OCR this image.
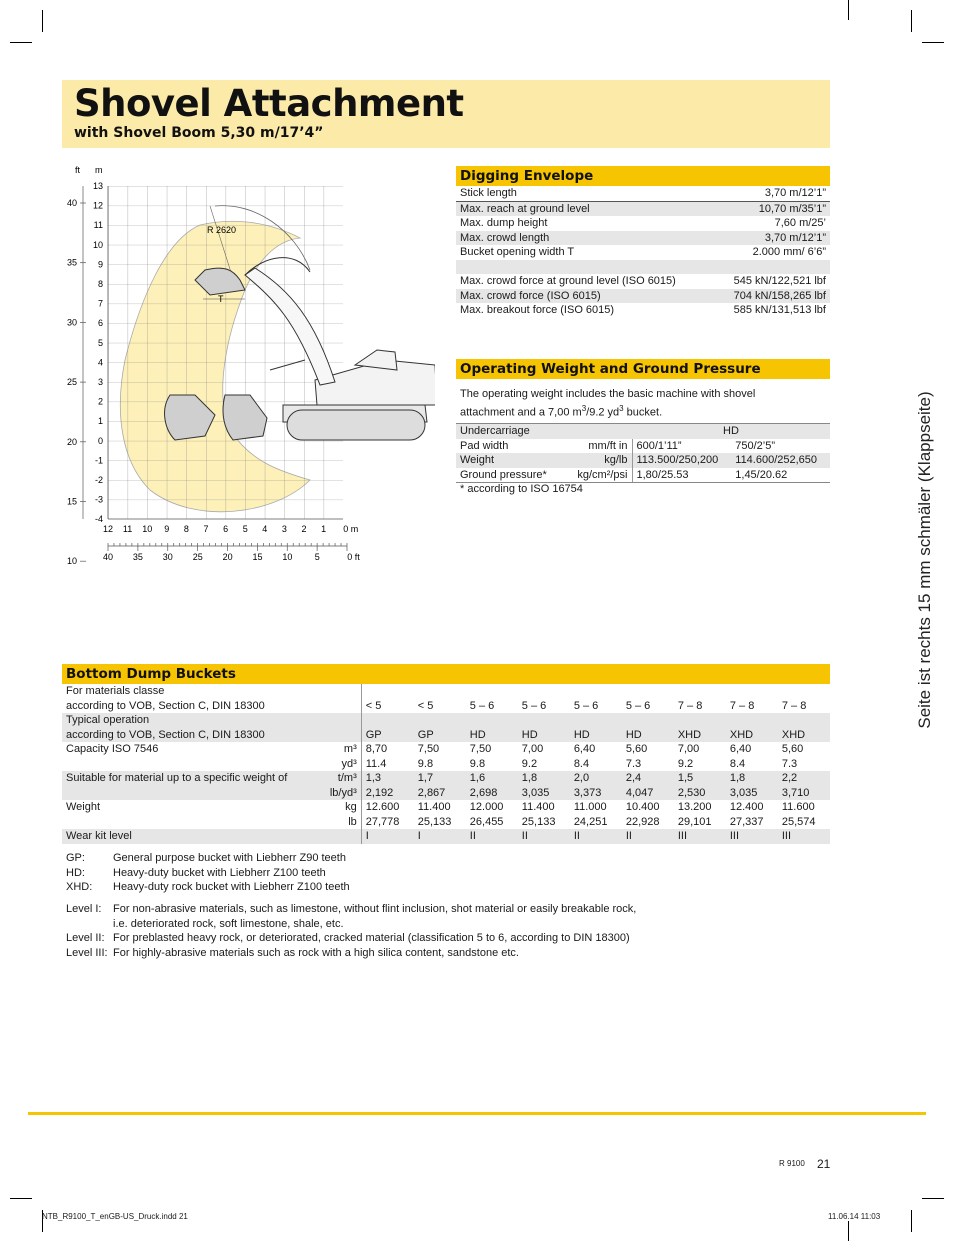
Shovel Attachment
with Shovel Boom 5,30 m/17’4”
R 2620
T
13
12
11
10
9
8
7
6
5
4
3
2
1
0
-1
-2
-3
-4
40
35
30
25
20
15
10
12 11 10 9 8 7 6 5 4 3 2 1 0 m
40 35 30 25 20 15 10 5	0 ft
ft m	Digging Envelope
Stick length	3,70 m/12’1”
Max. reach at ground level	10,70 m/35’1”
Max. dump height	7,60 m/25’
Max. crowd length	3,70 m/12’1”
Bucket opening width T	2.000 mm/ 6’6”

Max. crowd force at ground level (ISO 6015)	545 kN/122,521 lbf
Max. crowd force (ISO 6015)	704 kN/158,265 lbf
Max. breakout force (ISO 6015)	585 kN/131,513 lbf
Operating Weight and Ground Pressure
The operating weight includes the basic machine with shovel
attachment and a 7,00 $m^3/9.2$ $yd^3$ bucket.
Undercarriage		HD	
Pad width	mm/ft in	600/1’11”	750/2’5”
Weight	kg/lb	113.500/250,200	114.600/252,650
Ground pressure*	kg/cm²/psi	1,80/25.53	1,45/20.62
* according to ISO 16754	Seite ist rechts 15 mm schmäler (Klappseite)
Bottom Dump Buckets
For materials classe										
according to VOB, Section C, DIN 18300		< 5	< 5	5 – 6	5 – 6	5 – 6	5 – 6	7 – 8	7 – 8	7 – 8
Typical operation										
according to VOB, Section C, DIN 18300		GP	GP	HD	HD	HD	HD	XHD	XHD	XHD
Capacity ISO 7546	m³	8,70	7,50	7,50	7,00	6,40	5,60	7,00	6,40	5,60
	yd³	11.4	9.8	9.8	9.2	8.4	7.3	9.2	8.4	7.3
Suitable for material up to a specific weight of	t/m³	1,3	1,7	1,6	1,8	2,0	2,4	1,5	1,8	2,2
	lb/yd³	2,192	2,867	2,698	3,035	3,373	4,047	2,530	3,035	3,710
Weight	kg	12.600	11.400	12.000	11.400	11.000	10.400	13.200	12.400	11.600
	lb	27,778	25,133	26,455	25,133	24,251	22,928	29,101	27,337	25,574
Wear kit level		I	I	II	II	II	II	III	III	III
GP:	General purpose bucket with Liebherr Z90 teeth
HD:	Heavy-duty bucket with Liebherr Z100 teeth
XHD: Heavy-duty rock bucket with Liebherr Z100 teeth
Level I: For non-abrasive materials, such as limestone, without flint inclusion, shot material or easily breakable rock,
i.e. deteriorated rock, soft limestone, shale, etc.
Level II: For preblasted heavy rock, or deteriorated, cracked material (classification 5 to 6, according to DIN 18300)
Level III: For highly-abrasive materials such as rock with a high silica content, sandstone etc.
R 9100 21
NTB_R9100_T_enGB-US_Druck.indd 21	11.06.14 11:03
